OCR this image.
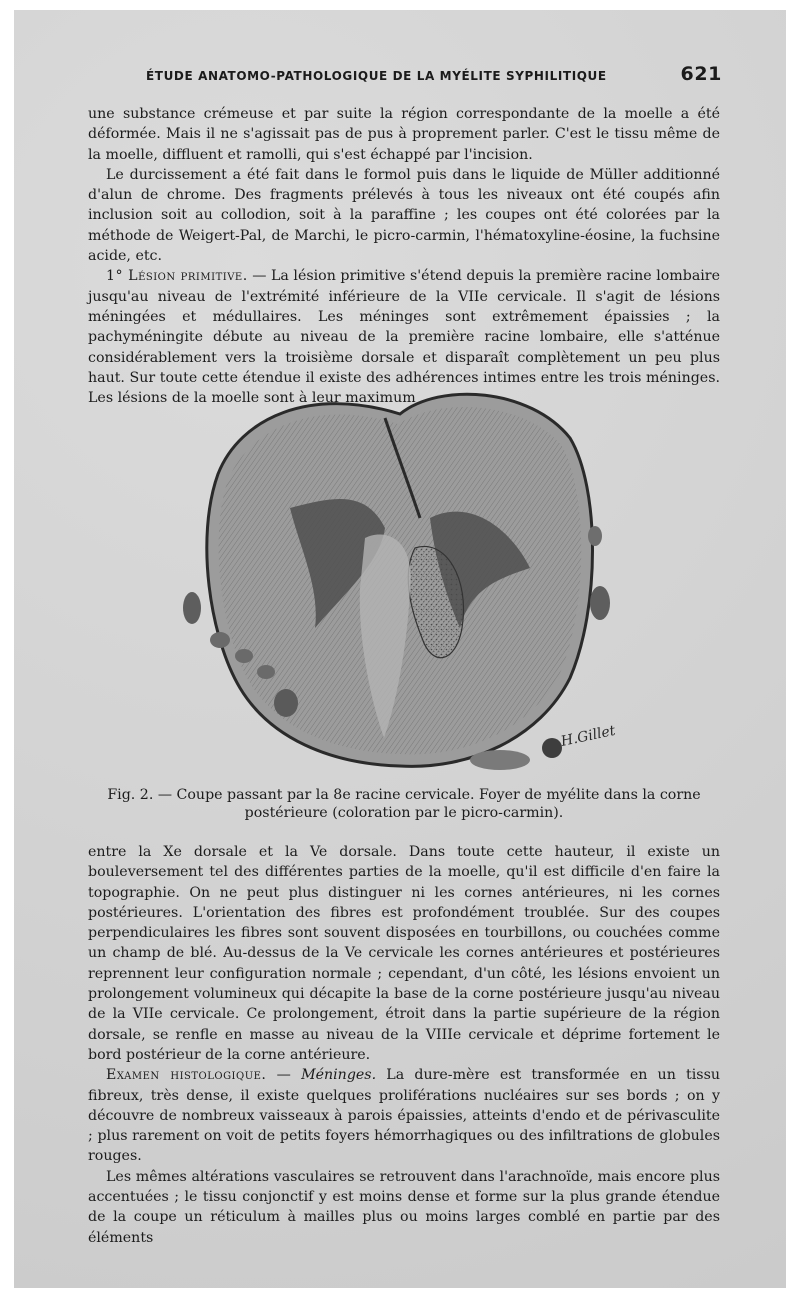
ÉTUDE ANATOMO-PATHOLOGIQUE DE LA MYÉLITE SYPHILITIQUE	621

une substance crémeuse et par suite la région correspondante de la moelle a été déformée. Mais il ne s'agissait pas de pus à proprement parler. C'est le tissu même de la moelle, diffluent et ramolli, qui s'est échappé par l'incision.

Le durcissement a été fait dans le formol puis dans le liquide de Müller additionné d'alun de chrome. Des fragments prélevés à tous les niveaux ont été coupés afin inclusion soit au collodion, soit à la paraffine ; les coupes ont été colorées par la méthode de Weigert-Pal, de Marchi, le picro-carmin, l'hématoxyline-éosine, la fuchsine acide, etc.

1° Lésion primitive. — La lésion primitive s'étend depuis la première racine lombaire jusqu'au niveau de l'extrémité inférieure de la VIIe cervicale. Il s'agit de lésions méningées et médullaires. Les méninges sont extrêmement épaissies ; la pachyméningite débute au niveau de la première racine lombaire, elle s'atténue considérablement vers la troisième dorsale et disparaît complètement un peu plus haut. Sur toute cette étendue il existe des adhérences intimes entre les trois méninges. Les lésions de la moelle sont à leur maximum

H.Gillet
Fig. 2. — Coupe passant par la 8e racine cervicale. Foyer de myélite dans la corne
postérieure (coloration par le picro-carmin).

entre la Xe dorsale et la Ve dorsale. Dans toute cette hauteur, il existe un bouleversement tel des différentes parties de la moelle, qu'il est difficile d'en faire la topographie. On ne peut plus distinguer ni les cornes antérieures, ni les cornes postérieures. L'orientation des fibres est profondément troublée. Sur des coupes perpendiculaires les fibres sont souvent disposées en tourbillons, ou couchées comme un champ de blé. Au-dessus de la Ve cervicale les cornes antérieures et postérieures reprennent leur configuration normale ; cependant, d'un côté, les lésions envoient un prolongement volumineux qui décapite la base de la corne postérieure jusqu'au niveau de la VIIe cervicale. Ce prolongement, étroit dans la partie supérieure de la région dorsale, se renfle en masse au niveau de la VIIIe cervicale et déprime fortement le bord postérieur de la corne antérieure.

Examen histologique. — Méninges. La dure-mère est transformée en un tissu fibreux, très dense, il existe quelques proliférations nucléaires sur ses bords ; on y découvre de nombreux vaisseaux à parois épaissies, atteints d'endo et de périvasculite ; plus rarement on voit de petits foyers hémorrhagiques ou des infiltrations de globules rouges.

Les mêmes altérations vasculaires se retrouvent dans l'arachnoïde, mais encore plus accentuées ; le tissu conjonctif y est moins dense et forme sur la plus grande étendue de la coupe un réticulum à mailles plus ou moins larges comblé en partie par des éléments
